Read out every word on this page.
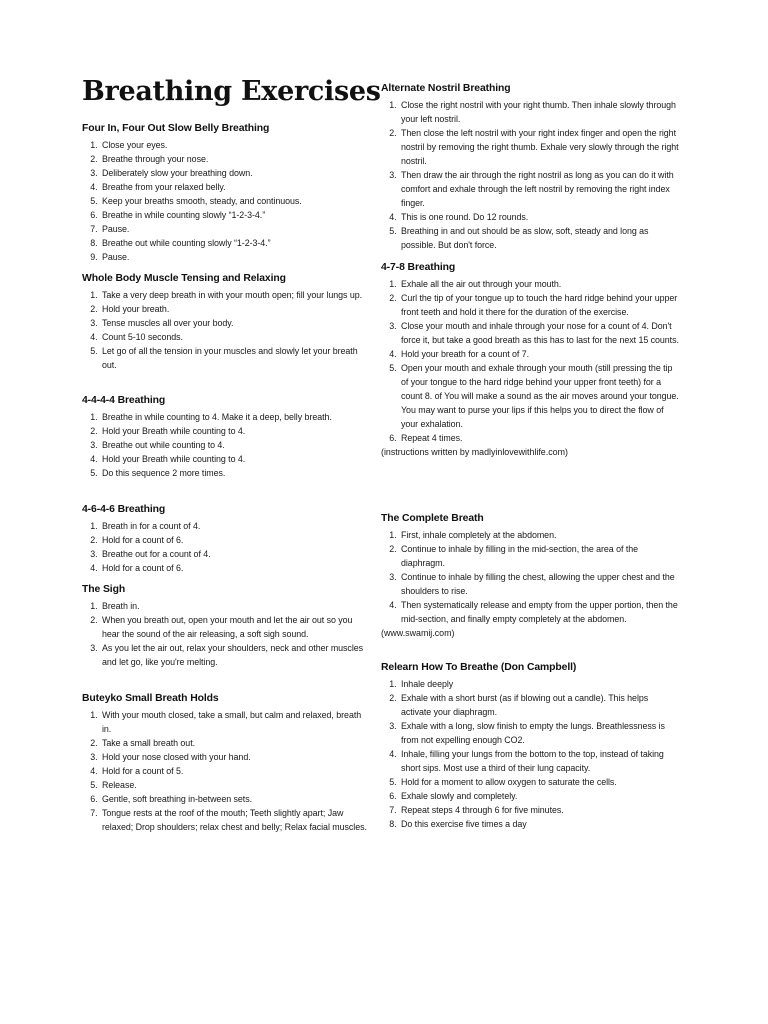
Breathing Exercises
Four In, Four Out Slow Belly Breathing
1. Close your eyes.
2. Breathe through your nose.
3. Deliberately slow your breathing down.
4. Breathe from your relaxed belly.
5. Keep your breaths smooth, steady, and continuous.
6. Breathe in while counting slowly “1-2-3-4.”
7. Pause.
8. Breathe out while counting slowly “1-2-3-4.”
9. Pause.
Whole Body Muscle Tensing and Relaxing
1. Take a very deep breath in with your mouth open; fill your lungs up.
2. Hold your breath.
3. Tense muscles all over your body.
4. Count 5-10 seconds.
5. Let go of all the tension in your muscles and slowly let your breath out.
4-4-4-4 Breathing
1. Breathe in while counting to 4. Make it a deep, belly breath.
2. Hold your Breath while counting to 4.
3. Breathe out while counting to 4.
4. Hold your Breath while counting to 4.
5. Do this sequence 2 more times.
4-6-4-6 Breathing
1. Breath in for a count of 4.
2. Hold for a count of 6.
3. Breathe out for a count of 4.
4. Hold for a count of 6.
The Sigh
1. Breath in.
2. When you breath out, open your mouth and let the air out so you hear the sound of the air releasing, a soft sigh sound.
3. As you let the air out, relax your shoulders, neck and other muscles and let go, like you're melting.
Buteyko Small Breath Holds
1. With your mouth closed, take a small, but calm and relaxed, breath in.
2. Take a small breath out.
3. Hold your nose closed with your hand.
4. Hold for a count of 5.
5. Release.
6. Gentle, soft breathing in-between sets.
7. Tongue rests at the roof of the mouth; Teeth slightly apart; Jaw relaxed; Drop shoulders; relax chest and belly; Relax facial muscles.
Alternate Nostril Breathing
1. Close the right nostril with your right thumb. Then inhale slowly through your left nostril.
2. Then close the left nostril with your right index finger and open the right nostril by removing the right thumb. Exhale very slowly through the right nostril.
3. Then draw the air through the right nostril as long as you can do it with comfort and exhale through the left nostril by removing the right index finger.
4. This is one round. Do 12 rounds.
5. Breathing in and out should be as slow, soft, steady and long as possible. But don't force.
4-7-8 Breathing
1. Exhale all the air out through your mouth.
2. Curl the tip of your tongue up to touch the hard ridge behind your upper front teeth and hold it there for the duration of the exercise.
3. Close your mouth and inhale through your nose for a count of 4. Don't force it, but take a good breath as this has to last for the next 15 counts.
4. Hold your breath for a count of 7.
5. Open your mouth and exhale through your mouth (still pressing the tip of your tongue to the hard ridge behind your upper front teeth) for a count 8. of You will make a sound as the air moves around your tongue. You may want to purse your lips if this helps you to direct the flow of your exhalation.
6. Repeat 4 times.

(instructions written by madlyinlovewithlife.com)

The Complete Breath
1. First, inhale completely at the abdomen.
2. Continue to inhale by filling in the mid-section, the area of the diaphragm.
3. Continue to inhale by filling the chest, allowing the upper chest and the shoulders to rise.
4. Then systematically release and empty from the upper portion, then the mid-section, and finally empty completely at the abdomen.

(www.swamij.com)

Relearn How To Breathe (Don Campbell)
1. Inhale deeply
2. Exhale with a short burst (as if blowing out a candle). This helps activate your diaphragm.
3. Exhale with a long, slow finish to empty the lungs. Breathlessness is from not expelling enough CO2.
4. Inhale, filling your lungs from the bottom to the top, instead of taking short sips. Most use a third of their lung capacity.
5. Hold for a moment to allow oxygen to saturate the cells.
6. Exhale slowly and completely.
7. Repeat steps 4 through 6 for five minutes.
8. Do this exercise five times a day
